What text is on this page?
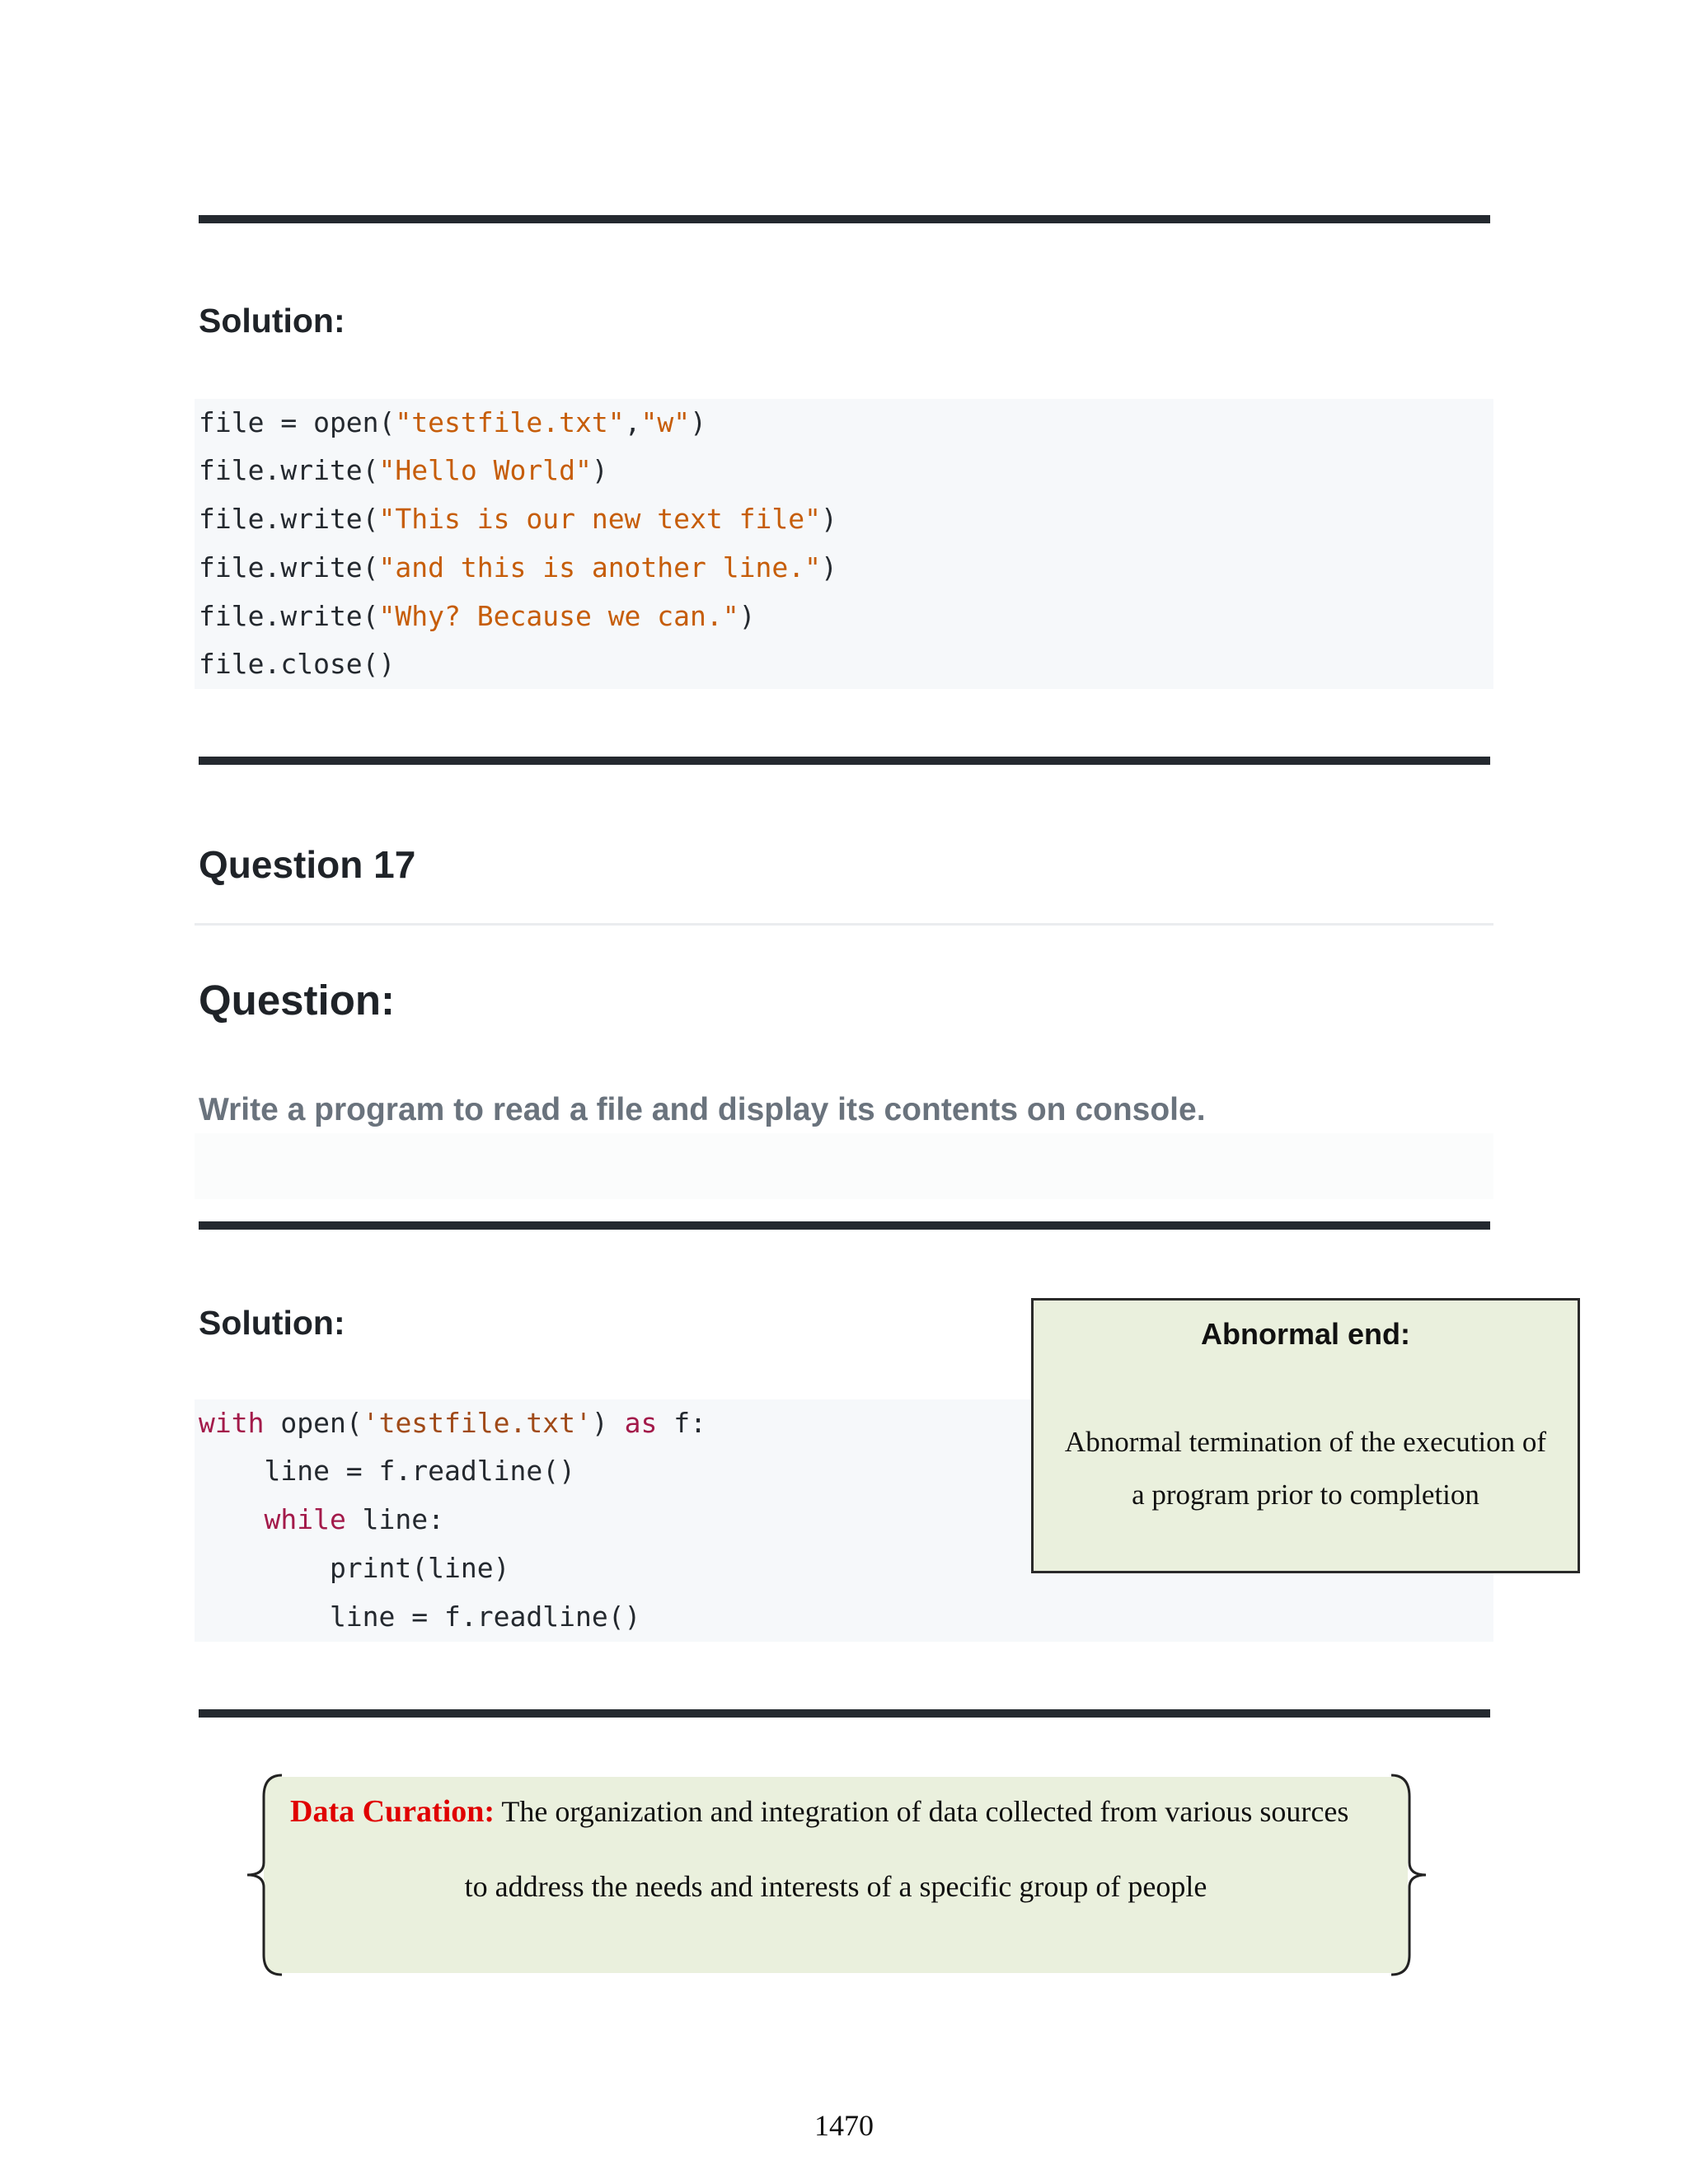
Solution:
file = open("testfile.txt","w")
file.write("Hello World")
file.write("This is our new text file")
file.write("and this is another line.")
file.write("Why? Because we can.")
file.close()
Question 17
Question:

Write a program to read a file and display its contents on console.

Solution:
with open('testfile.txt') as f:
line = f.readline()
while line:
print(line)
line = f.readline()
Abnormal end:
Abnormal termination of the execution of
a program prior to completion
Data Curation: The organization and integration of data collected from various sources
to address the needs and interests of a specific group of people
1470
